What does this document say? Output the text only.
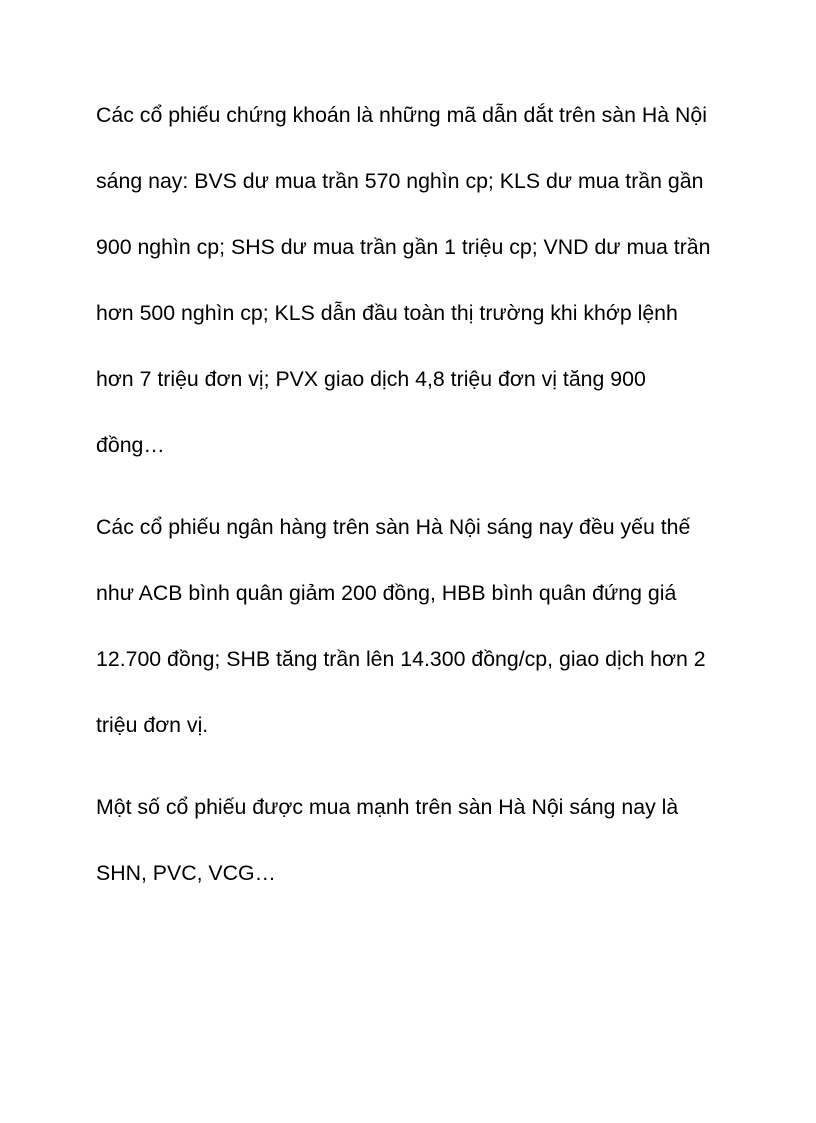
Các cổ phiếu chứng khoán là những mã dẫn dắt trên sàn Hà Nội
sáng nay: BVS dư mua trần 570 nghìn cp; KLS dư mua trần gần
900 nghìn cp; SHS dư mua trần gần 1 triệu cp; VND dư mua trần
hơn 500 nghìn cp; KLS dẫn đầu toàn thị trường khi khớp lệnh
hơn 7 triệu đơn vị; PVX giao dịch 4,8 triệu đơn vị tăng 900
đồng…

Các cổ phiếu ngân hàng trên sàn Hà Nội sáng nay đều yếu thế
như ACB bình quân giảm 200 đồng, HBB bình quân đứng giá
12.700 đồng; SHB tăng trần lên 14.300 đồng/cp, giao dịch hơn 2
triệu đơn vị.

Một số cổ phiếu được mua mạnh trên sàn Hà Nội sáng nay là
SHN, PVC, VCG…
